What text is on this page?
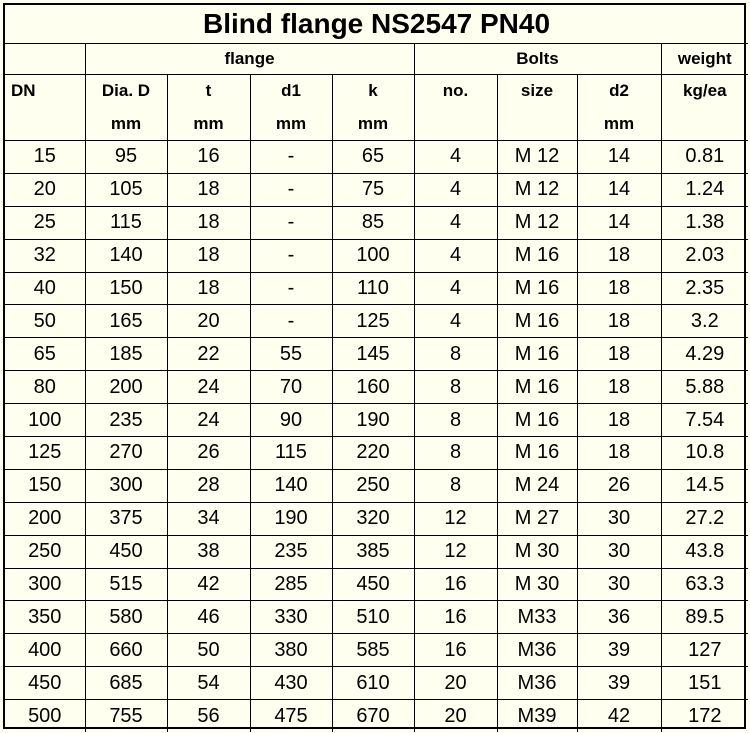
Blind flange NS2547 PN40								
	flange				Bolts			weight
DN	Dia. D	t	d1	k	no.	size	d2	kg/ea
	mm	mm	mm	mm			mm	
15	95	16	-	65	4	M 12	14	0.81
20	105	18	-	75	4	M 12	14	1.24
25	115	18	-	85	4	M 12	14	1.38
32	140	18	-	100	4	M 16	18	2.03
40	150	18	-	110	4	M 16	18	2.35
50	165	20	-	125	4	M 16	18	3.2
65	185	22	55	145	8	M 16	18	4.29
80	200	24	70	160	8	M 16	18	5.88
100	235	24	90	190	8	M 16	18	7.54
125	270	26	115	220	8	M 16	18	10.8
150	300	28	140	250	8	M 24	26	14.5
200	375	34	190	320	12	M 27	30	27.2
250	450	38	235	385	12	M 30	30	43.8
300	515	42	285	450	16	M 30	30	63.3
350	580	46	330	510	16	M33	36	89.5
400	660	50	380	585	16	M36	39	127
450	685	54	430	610	20	M36	39	151
500	755	56	475	670	20	M39	42	172
